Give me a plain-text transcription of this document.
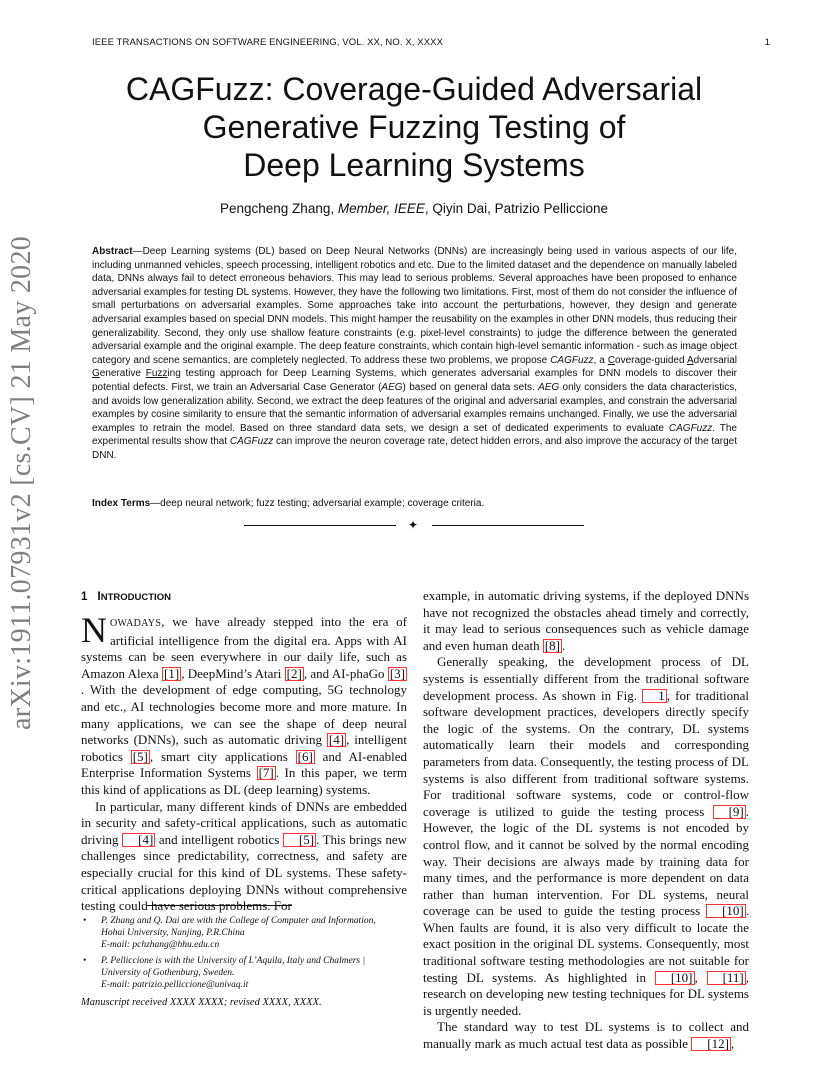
IEEE TRANSACTIONS ON SOFTWARE ENGINEERING, VOL. XX, NO. X, XXXX	1
arXiv:1911.07931v2 [cs.CV] 21 May 2020
CAGFuzz: Coverage-Guided Adversarial
Generative Fuzzing Testing of
Deep Learning Systems
Pengcheng Zhang, Member, IEEE, Qiyin Dai, Patrizio Pelliccione

Abstract—Deep Learning systems (DL) based on Deep Neural Networks (DNNs) are increasingly being used in various aspects of our life, including unmanned vehicles, speech processing, intelligent robotics and etc. Due to the limited dataset and the dependence on manually labeled data, DNNs always fail to detect erroneous behaviors. This may lead to serious problems. Several approaches have been proposed to enhance adversarial examples for testing DL systems. However, they have the following two limitations. First, most of them do not consider the influence of small perturbations on adversarial examples. Some approaches take into account the perturbations, however, they design and generate adversarial examples based on special DNN models. This might hamper the reusability on the examples in other DNN models, thus reducing their generalizability. Second, they only use shallow feature constraints (e.g. pixel-level constraints) to judge the difference between the generated adversarial example and the original example. The deep feature constraints, which contain high-level semantic information - such as image object category and scene semantics, are completely neglected. To address these two problems, we propose CAGFuzz, a Coverage-guided Adversarial Generative Fuzzing testing approach for Deep Learning Systems, which generates adversarial examples for DNN models to discover their potential defects. First, we train an Adversarial Case Generator (AEG) based on general data sets. AEG only considers the data characteristics, and avoids low generalization ability. Second, we extract the deep features of the original and adversarial examples, and constrain the adversarial examples by cosine similarity to ensure that the semantic information of adversarial examples remains unchanged. Finally, we use the adversarial examples to retrain the model. Based on three standard data sets, we design a set of dedicated experiments to evaluate CAGFuzz. The experimental results show that CAGFuzz can improve the neuron coverage rate, detect hidden errors, and also improve the accuracy of the target DNN.

Index Terms—deep neural network; fuzz testing; adversarial example; coverage criteria.
✦
1 INTRODUCTION

NOWADAYS, we have already stepped into the era of artificial intelligence from the digital era. Apps with AI systems can be seen everywhere in our daily life, such as Amazon Alexa [1] , DeepMind’s Atari [2] , and AI-phaGo [3]. With the development of edge computing, 5G technology and etc., AI technologies become more and more mature. In many applications, we can see the shape of deep neural networks (DNNs), such as automatic driving [4] , intelligent robotics [5] , smart city applications [6] and AI-enabled Enterprise Information Systems [7] . In this paper, we term this kind of applications as DL (deep learning) systems.

In particular, many different kinds of DNNs are embedded in security and safety-critical applications, such as automatic driving [4] and intelligent robotics [5] . This brings new challenges since predictability, correctness, and safety are especially crucial for this kind of DL systems. These safety-critical applications deploying DNNs without comprehensive testing could have serious problems. For

• P. Zhang and Q. Dai are with the College of Computer and Information,
Hohai University, Nanjing, P.R.China
E-mail: pchzhang@hhu.edu.cn
• P. Pelliccione is with the University of L’Aquila, Italy and Chalmers |
University of Gothenburg, Sweden.
E-mail: patrizio.pelliccione@univaq.it
Manuscript received XXXX XXXX; revised XXXX, XXXX.

example, in automatic driving systems, if the deployed DNNs have not recognized the obstacles ahead timely and correctly, it may lead to serious consequences such as vehicle damage and even human death [8] .

Generally speaking, the development process of DL systems is essentially different from the traditional software development process. As shown in Fig. 1 , for traditional software development practices, developers directly specify the logic of the systems. On the contrary, DL systems automatically learn their models and corresponding parameters from data. Consequently, the testing process of DL systems is also different from traditional software systems. For traditional software systems, code or control-flow coverage is utilized to guide the testing process [9] . However, the logic of the DL systems is not encoded by control flow, and it cannot be solved by the normal encoding way. Their decisions are always made by training data for many times, and the performance is more dependent on data rather than human intervention. For DL systems, neural coverage can be used to guide the testing process [10] . When faults are found, it is also very difficult to locate the exact position in the original DL systems. Consequently, most traditional software testing methodologies are not suitable for testing DL systems. As highlighted in [10] , [11] , research on developing new testing techniques for DL systems is urgently needed.

The standard way to test DL systems is to collect and manually mark as much actual test data as possible [12] ,
